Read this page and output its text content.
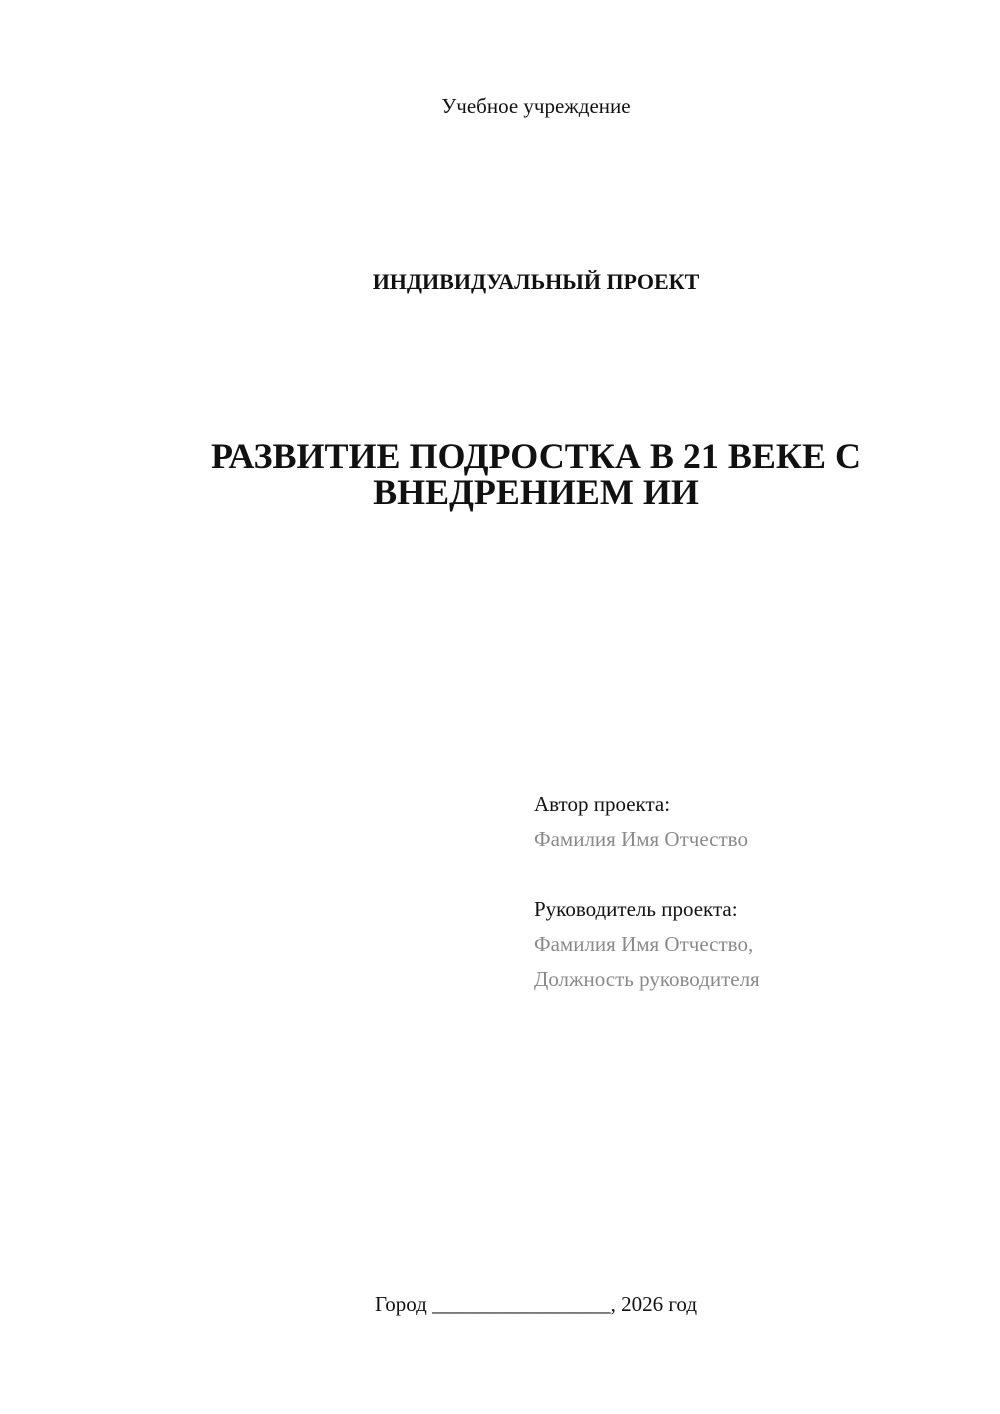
Учебное учреждение
ИНДИВИДУАЛЬНЫЙ ПРОЕКТ
РАЗВИТИЕ ПОДРОСТКА В 21 ВЕКЕ С
ВНЕДРЕНИЕМ ИИ
Автор проекта:
Фамилия Имя Отчество
Руководитель проекта:
Фамилия Имя Отчество,
Должность руководителя
Город _________________, 2026 год
